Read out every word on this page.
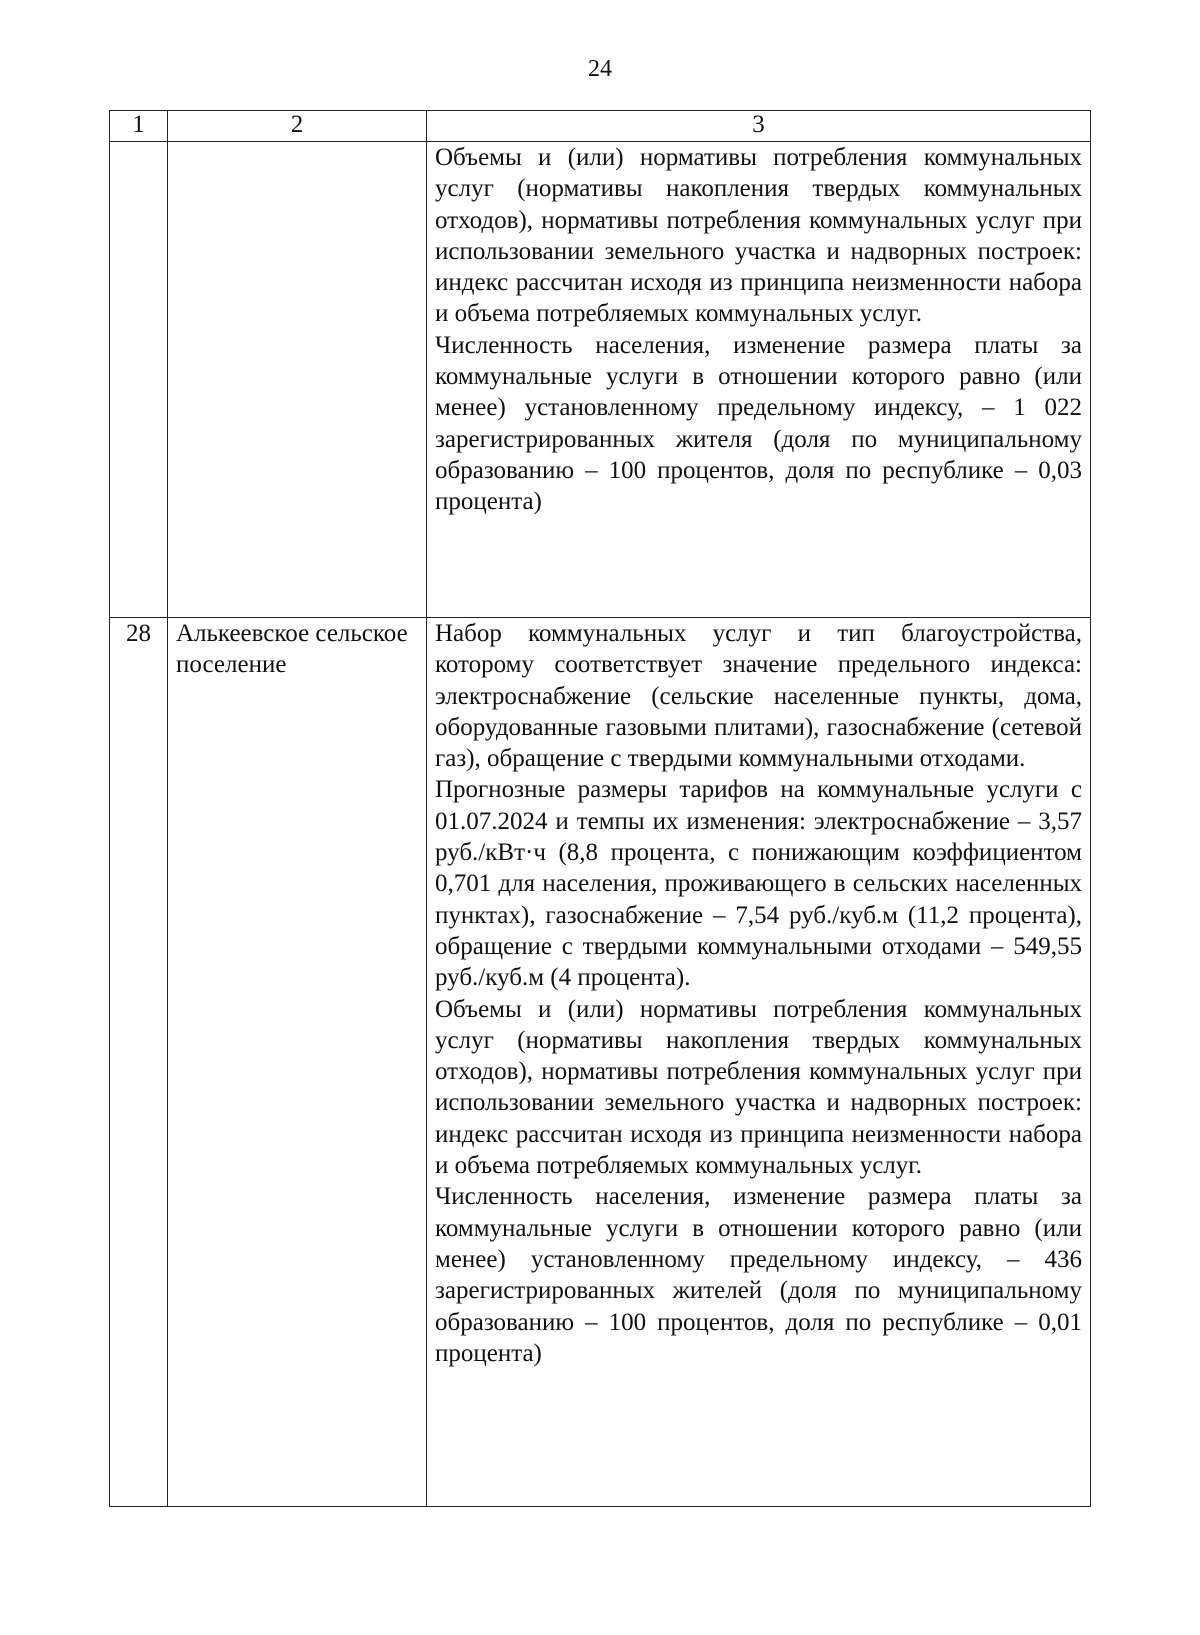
24
1	2	3

		Объемы и (или) нормативы потребления коммунальных услуг (нормативы накопления твердых коммунальных отходов), нормативы потребления коммунальных услуг при использовании земельного участка и надворных построек: индекс рассчитан исходя из принципа неизменности набора и объема потребляемых коммунальных услуг.

Численность населения, изменение размера платы за коммунальные услуги в отношении которого равно (или менее) установленному предельному индексу, – 1 022 зарегистрированных жителя (доля по муниципальному образованию – 100 процентов, доля по республике – 0,03 процента)

28	Алькеевское сельское поселение	Набор коммунальных услуг и тип благоустройства, которому соответствует значение предельного индекса: электроснабжение (сельские населенные пункты, дома, оборудованные газовыми плитами), газоснабжение (сетевой газ), обращение с твердыми коммунальными отходами.

Прогнозные размеры тарифов на коммунальные услуги с 01.07.2024 и темпы их изменения: электроснабжение – 3,57 руб./кВт·ч (8,8 процента, с понижающим коэффициентом 0,701 для населения, проживающего в сельских населенных пунктах), газоснабжение – 7,54 руб./куб.м (11,2 процента), обращение с твердыми коммунальными отходами – 549,55 руб./куб.м (4 процента).

Объемы и (или) нормативы потребления коммунальных услуг (нормативы накопления твердых коммунальных отходов), нормативы потребления коммунальных услуг при использовании земельного участка и надворных построек: индекс рассчитан исходя из принципа неизменности набора и объема потребляемых коммунальных услуг.

Численность населения, изменение размера платы за коммунальные услуги в отношении которого равно (или менее) установленному предельному индексу, – 436 зарегистрированных жителей (доля по муниципальному образованию – 100 процентов, доля по республике – 0,01 процента)
